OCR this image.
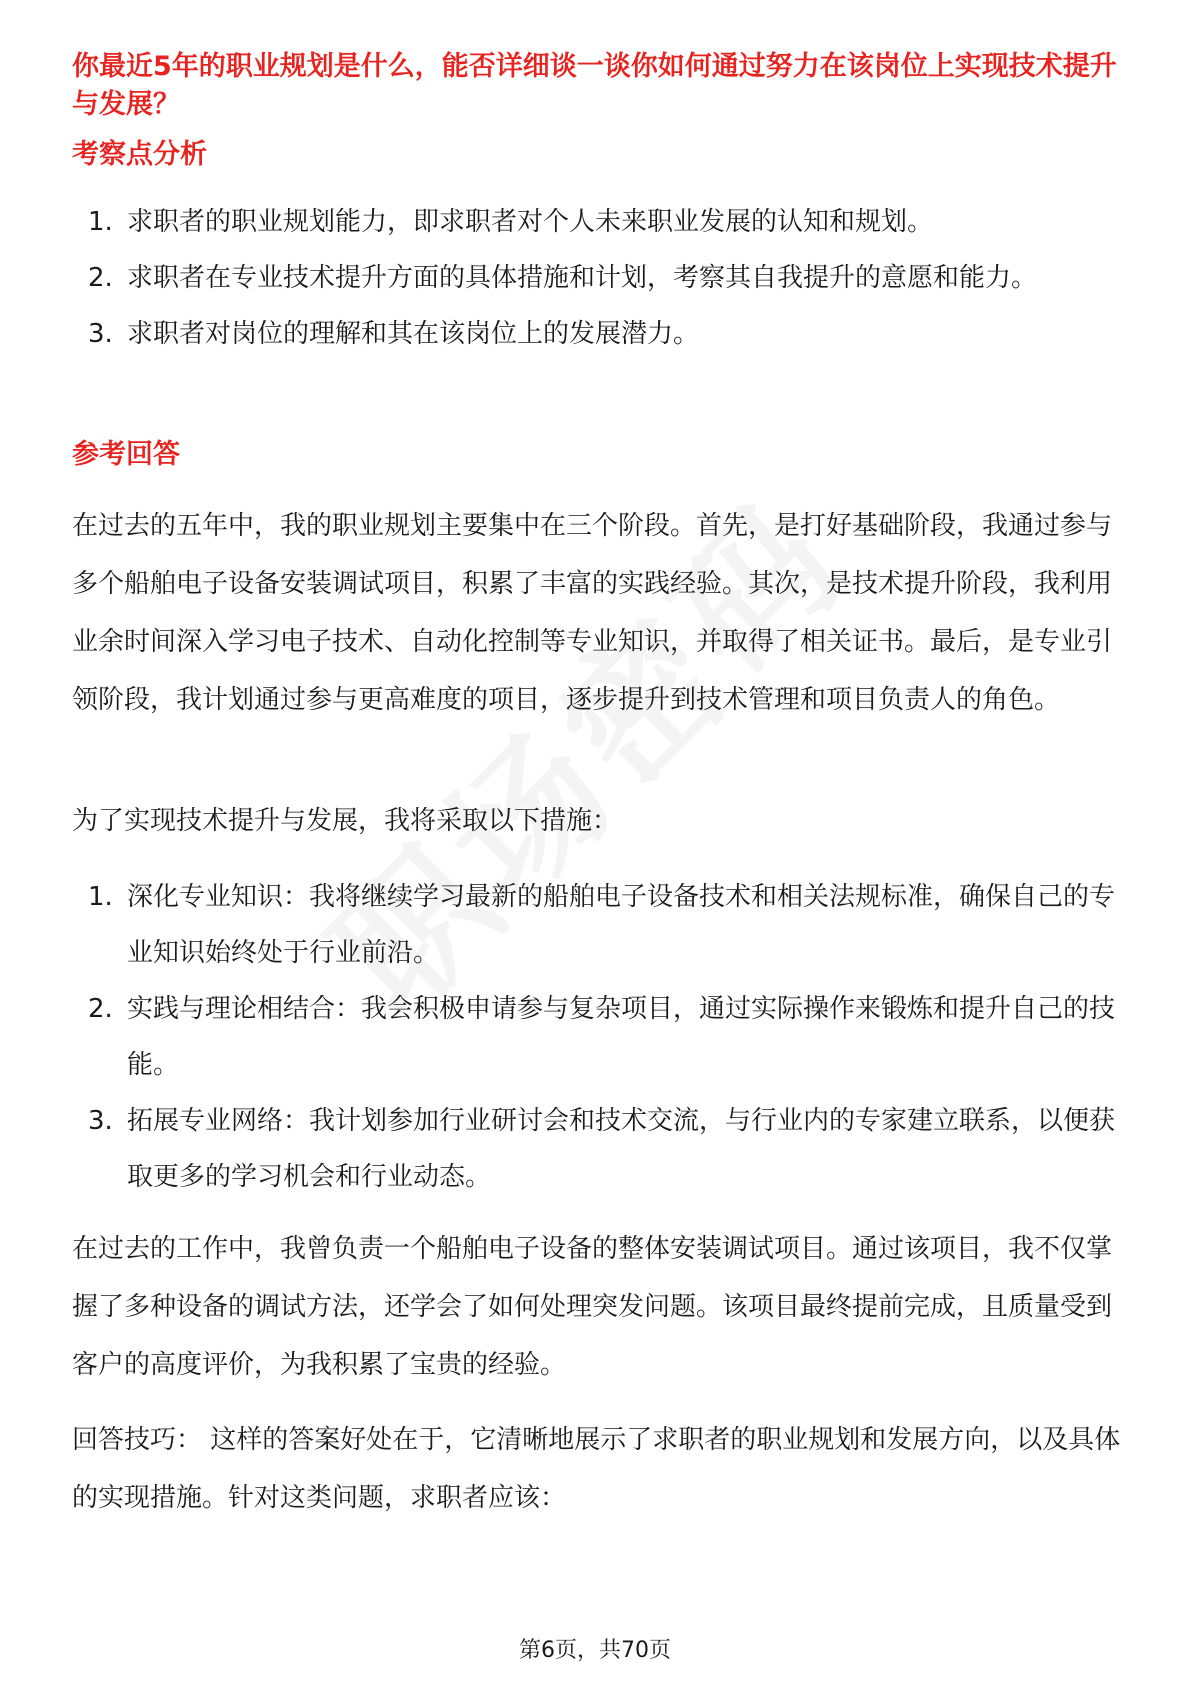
你最近5年的职业规划是什么，能否详细谈一谈你如何通过努力在该岗位上实现技术提升与发展？

考察点分析

1. 求职者的职业规划能力，即求职者对个人未来职业发展的认知和规划。
2. 求职者在专业技术提升方面的具体措施和计划，考察其自我提升的意愿和能力。
3. 求职者对岗位的理解和其在该岗位上的发展潜力。

参考回答

在过去的五年中，我的职业规划主要集中在三个阶段。首先，是打好基础阶段，我通过参与多个船舶电子设备安装调试项目，积累了丰富的实践经验。其次，是技术提升阶段，我利用业余时间深入学习电子技术、自动化控制等专业知识，并取得了相关证书。最后，是专业引领阶段，我计划通过参与更高难度的项目，逐步提升到技术管理和项目负责人的角色。

为了实现技术提升与发展，我将采取以下措施：

1. 深化专业知识：我将继续学习最新的船舶电子设备技术和相关法规标准，确保自己的专业知识始终处于行业前沿。
2. 实践与理论相结合：我会积极申请参与复杂项目，通过实际操作来锻炼和提升自己的技能。
3. 拓展专业网络：我计划参加行业研讨会和技术交流，与行业内的专家建立联系，以便获取更多的学习机会和行业动态。

在过去的工作中，我曾负责一个船舶电子设备的整体安装调试项目。通过该项目，我不仅掌握了多种设备的调试方法，还学会了如何处理突发问题。该项目最终提前完成，且质量受到客户的高度评价，为我积累了宝贵的经验。

回答技巧： 这样的答案好处在于，它清晰地展示了求职者的职业规划和发展方向，以及具体的实现措施。针对这类问题，求职者应该：

第6页，共70页
